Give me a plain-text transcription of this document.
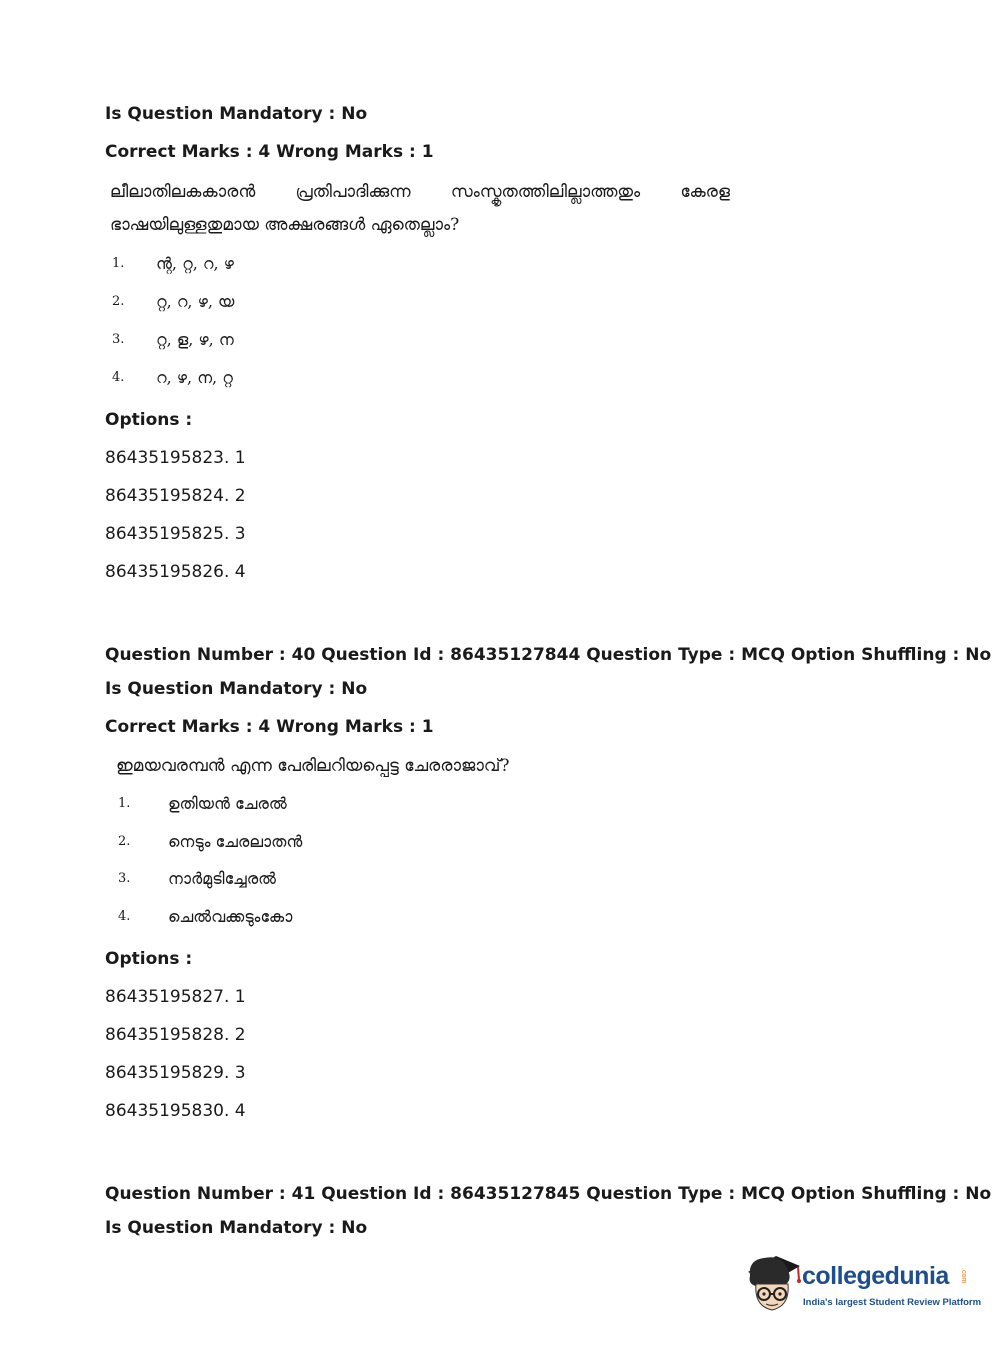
Is Question Mandatory : No
Correct Marks : 4 Wrong Marks : 1
ലീലാതിലകകാരൻ പ്രതിപാദിക്കുന്ന സംസ്കൃതത്തിലില്ലാത്തതും കേരള ഭാഷയിലുള്ളതുമായ അക്ഷരങ്ങൾ ഏതെല്ലാം?
1. ന്റ, റ്റ, റ, ഴ
2. റ്റ, റ, ഴ, യ
3. റ്റ, ള, ഴ, ന
4. റ, ഴ, ന, റ്റ
Options :
86435195823. 1
86435195824. 2
86435195825. 3
86435195826. 4
Question Number : 40 Question Id : 86435127844 Question Type : MCQ Option Shuffling : No
Is Question Mandatory : No
Correct Marks : 4 Wrong Marks : 1
ഇമയവരമ്പൻ എന്ന പേരിലറിയപ്പെട്ട ചേരരാജാവ്?
1. ഉതിയൻ ചേരൽ
2. നെടും ചേരലാതൻ
3. നാർമുടിച്ചേരൽ
4. ചെൽവക്കടുംകോ
Options :
86435195827. 1
86435195828. 2
86435195829. 3
86435195830. 4
Question Number : 41 Question Id : 86435127845 Question Type : MCQ Option Shuffling : No
Is Question Mandatory : No
collegedunia .com
India's largest Student Review Platform
